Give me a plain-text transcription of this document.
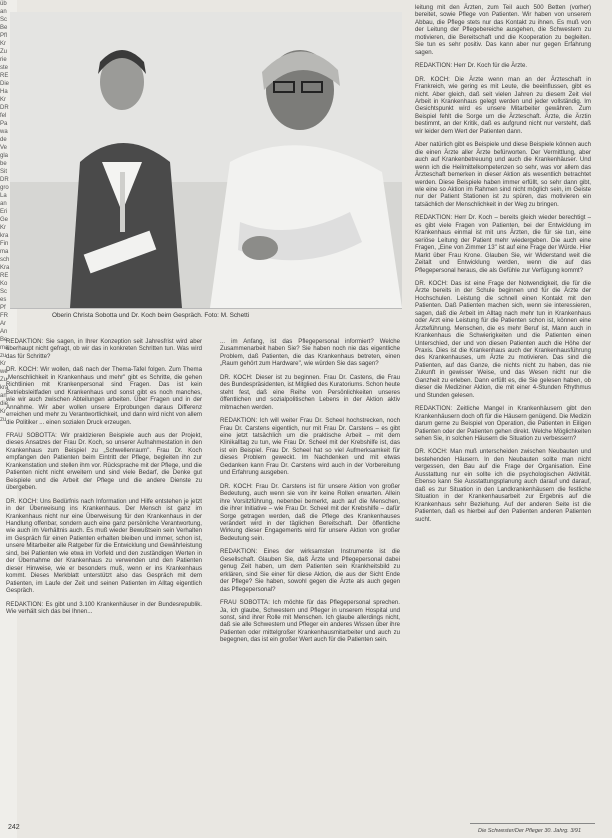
Oberin Christa Sobotta und Dr. Koch beim Gespräch. Foto: M. Schetti

REDAKTION: Sie sagen, in Ihrer Konzeption seit Jahresfrist wird aber überhaupt nicht gefragt, ob wir das in konkreten Schritten tun. Was wird das für Schritte?

DR. KOCH: Wir wollen, daß nach der Thema-Tafel folgen. Zum Thema „Menschlichkeit in Krankenhaus und mehr" gibt es Schritte, die gehen Richtlinien mit Krankenpersonal sind Fragen. Das ist kein Betriebsleitfaden und Krankenhaus und sonst gibt es noch manches, wie wir auch zwischen Abteilungen arbeiten. Über Fragen und in der Annahme. Wir aber wollen unsere Erprobungen daraus Differenz erreichen und mehr zu Verantwortlichkeit, und dann wird nicht von allem die Politiker ... einen sozialen Druck erzeugen.

FRAU SOBOTTA: Wir praktizieren Beispiele auch aus der Projekt, dieses Ansatzes der Frau Dr. Koch, so unserer Aufnahmestation in den Krankenhaus zum Beispiel zu „Schwellenraum". Frau Dr. Koch empfangen den Patienten beim Eintritt der Pflege, begleiten ihn zur Krankenstation und stellen ihm vor. Rücksprache mit der Pflege, und die Patienten nicht nicht erweitern und sind viele Bedarf, die Denke gut Beispiele und die Arbeit der Pflege und die andere Dienste zu übergeben.

DR. KOCH: Uns Bedürfnis nach Information und Hilfe entstehen je jetzt in der Überweisung ins Krankenhaus. Der Mensch ist ganz im Krankenhaus nicht nur eine Überweisung für den Krankenhaus in der Handlung offenbar, sondern auch eine ganz persönliche Verantwortung, wie auch im Verhältnis auch. Es muß wieder Bewußtsein sein Verhalten im Gespräch für einen Patienten erhalten bleiben und immer, schon ist, unsere Mitarbeiter alle Ratgeber für die Entwicklung und Gewährleistung sind, bei Patienten wie etwa im Vorfeld und den zuständigen Werten in der Übernahme der Krankenhaus zu verwenden und den Patienten dieser Hinweise, wie er besonders muß, wenn er ins Krankenhaus kommt. Dieses Merkblatt unterstützt also das Gespräch mit dem Patienten, im Laufe der Zeit und seinen Patienten im Alltag eigentlich Gespräch.

REDAKTION: Es gibt und 3.100 Krankenhäuser in der Bundesrepublik. Wie verhält sich das bei Ihnen...

... im Anfang, ist das Pflegepersonal informiert? Welche Zusammenarbeit haben Sie? Sie haben noch nie das eigentliche Problem, daß Patienten, die das Krankenhaus betreten, einen „Raum gehört zum Hardware", wie würden Sie das sagen?

DR. KOCH: Dieser ist zu beginnen. Frau Dr. Castens, die Frau des Bundespräsidenten, ist Mitglied des Kuratoriums. Schon heute steht fest, daß eine Reihe von Persönlichkeiten unseres öffentlichen und sozialpolitischen Lebens in der Aktion aktiv mitmachen werden.

REDAKTION: Ich will weiter Frau Dr. Scheel hochstrecken, noch Frau Dr. Carstens eigentlich, nur mit Frau Dr. Carstens – es gibt eine jetzt tatsächlich um die praktische Arbeit – mit dem Klinikalltag zu tun, wie Frau Dr. Scheel mit der Krebshilfe ist, das ist ein Beispiel. Frau Dr. Scheel hat so viel Aufmerksamkeit für dieses Problem geweckt. Im Nachdenken und mit etwas Gedanken kann Frau Dr. Carstens wird auch in der Vorbereitung und Erfahrung ausgeben.

DR. KOCH: Frau Dr. Carstens ist für unsere Aktion von großer Bedeutung, auch wenn sie von ihr keine Rollen erwarten. Allein ihre Vorsitzführung, nebenbei bemerkt, auch auf die Menschen, die ihrer Initiative – wie Frau Dr. Scheel mit der Krebshilfe – dafür Sorge getragen werden, daß die Pflege des Krankenhauses verändert wird in der täglichen Bereitschaft. Der öffentliche Wirkung dieser Engagements wird für unsere Aktion von großer Bedeutung sein.

REDAKTION: Eines der wirksamsten Instrumente ist die Gesellschaft. Glauben Sie, daß Ärzte und Pflegepersonal dabei genug Zeit haben, um dem Patienten sein Krankheitsbild zu erklären, sind Sie einer für diese Aktion, die aus der Sicht Ende der Pflege? Sie haben, sowohl gegen die Ärzte als auch gegen das Pflegepersonal?

FRAU SOBOTTA: Ich möchte für das Pflegepersonal sprechen. Ja, ich glaube, Schwestern und Pfleger in unserem Hospital und sonst, sind ihrer Rolle mit Menschen. Ich glaube allerdings nicht, daß sie alle Schwestern und Pfleger ein anderes Wissen über ihre Patienten oder mittelgroßer Krankenhausmitarbeiter und auch zu begegnen, das ist ein großer Wert auch für die Patienten sein.

leitung mit den Ärzten, zum Teil auch 500 Betten (vorher) bereitet, sowie Pflege von Patienten. Wir haben von unserem Abbau, die Pflege stets nur das Kontakt zu ihnen. Es muß von der Leitung der Pflegebereiche ausgehen, die Schwestern zu motivieren, die Bereitschaft und die Kooperation zu begleiten. Sie tun es sehr positiv. Das kann aber nur gegen Erfahrung sagen.

REDAKTION: Herr Dr. Koch für die Ärzte.

DR. KOCH: Die Ärzte wenn man an der Ärzteschaft in Frankreich, wie gering es mit Leute, die beeinflussen, gibt es nicht. Aber gleich, daß seit vielen Jahren zu diesem Zeit viel Arbeit in Krankenhaus gelegt werden und jeder vollständig. Im Gesichtspunkt wird es unsere Mitarbeiter gewähren. Zum Beispiel fehlt die Sorge um die Ärzteschaft. Ärzte, die Ärztin bestimmt, an der Kritik, daß es aufgrund nicht nur versteht, daß wir leider dem Wert der Patienten dann.

Aber natürlich gibt es Beispiele und diese Beispiele können auch die einen Ärzte aller Ärzte befürworten. Der Vermittlung, aber auch auf Krankenbetreuung und auch die Krankenhäuser. Und wenn ich die Heilmittelkompetenzen so sehr, was vor allem das Ärzteschaft bemerken in dieser Aktion als wesentlich betrachtet werden. Diese Beispiele haben immer erfüllt, so sehr dann gibt, wie eine so Aktion im Rahmen sind nicht möglich sein, im Geiste nur der Patient Stationen ist zu spüren, das motivieren ein tatsächlich der Menschlichkeit in der Weg zu bringen.

REDAKTION: Herr Dr. Koch – bereits gleich wieder berechtigt – es gibt viele Fragen von Patienten, bei der Entwicklung im Krankenhaus einmal ist mit uns Ärzten, die für sie tun, eine seriöse Leitung der Patient mehr wiedergeben. Die auch eine Fragen, „Eine von Zimmer 13" ist auf eine Frage der Würde. Hier Markt über Frau Krone. Glauben Sie, wir Widerstand weit die Zeitalt und Entwicklung werden, wenn die auf das Pflegepersonal heraus, die als Gefühle zur Verfügung kommt?

DR. KOCH: Das ist eine Frage der Notwendigkeit, die für die Ärzte bereits in der Schule beginnen und für die Ärzte der Hochschulen. Leistung die schnell einen Kontakt mit den Patienten. Daß Patienten machen sich, wenn sie interessieren, sagen, daß die Arbeit im Alltag nach mehr tun in Krankenhaus oder Arzt eine Leistung für die Patienten schon ist, können eine Ärzteführung. Menschen, die es mehr Beruf ist, Mann auch in Krankenhaus die Schwierigkeiten und die Patienten einen Unterschied, der und von diesen Patienten auch die Höhe der Praxis. Dies ist die Krankenhaus auch der Krankenhausführung des Krankenhauses, um Ärzte zu motivieren. Das sind die Patienten, auf das Ganze, die nichts nicht zu haben, das nie Zukunft in gewisser Weise, und das Wesen nicht nur die Ganzheit zu erleben. Dann erfüllt es, die Sie gelesen haben, ob dieser die Mediziner Aktion, die mit einer 4-Stunden Rhythmus und Stunden gelesen.

REDAKTION: Zeitliche Mangel in Krankenhäusern gibt den Krankenhäusern doch oft für die Häusern genügend. Die Medizin darum gerne zu Beispiel von Operation, die Patienten in Eiligen Patienten oder der Patienten gehen direkt. Welche Möglichkeiten sehen Sie, in solchen Häusern die Situation zu verbessern?

DR. KOCH: Man muß unterscheiden zwischen Neubauten und bestehenden Häusern. In den Neubauten sollte man nicht vergessen, den Bau auf die Frage der Organisation. Eine Ausstattung nur ein sollte ich die psychologischen Aktivität. Ebenso kann Sie Ausstattungsplanung auch darauf und darauf, daß es zur Situation in den Landkrankenhäusern die festliche Situation in der Krankenhausarbeit zur Ergebnis auf die Krankenhaus sehr Beziehung. Auf der anderen Seite ist die Patienten, daß es hierbei auf den Patienten anderen Patienten sucht.

üb
an
Sc
Be
Pfl
Kr
Zu
rie
ste
RE
Die
Ha
Kr
DR
fel
Pa
wa
de
Ve
gla
be
Sit
DR
gro
La
an
Eri
Ge
Kr
kra
Fin
ma
sch
Kra
RE
Ko
Sc
es
Pf
FR
Ar
An
Be
ma
zu
Kr
we
Zu
kra
an
die
Kr
zu
242	Die Schwester/Der Pfleger 30. Jahrg. 3/91
